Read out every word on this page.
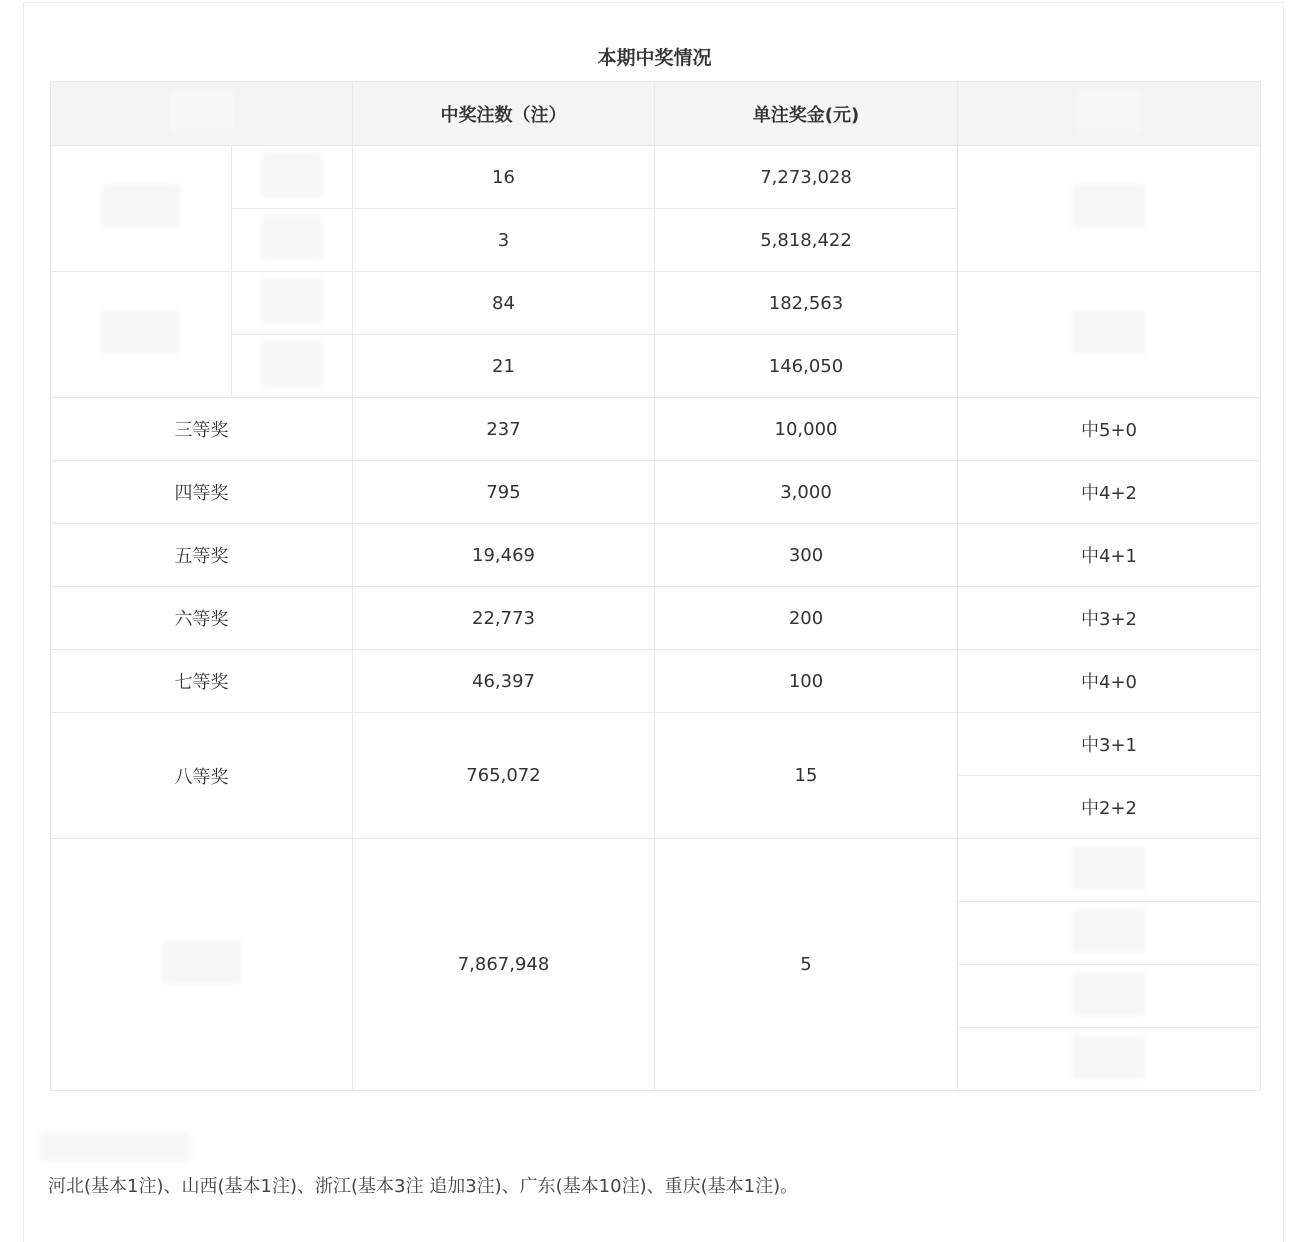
本期中奖情况
		中奖注数（注）	单注奖金(元)	
		16	7,273,028	
		3	5,818,422	
		84	182,563	
		21	146,050	
三等奖		237	10,000	中5+0
四等奖		795	3,000	中4+2
五等奖		19,469	300	中4+1
六等奖		22,773	200	中3+2
七等奖		46,397	100	中4+0
八等奖		765,072	15	中3+1
				中2+2
		7,867,948	5	

河北(基本1注)、山西(基本1注)、浙江(基本3注 追加3注)、广东(基本10注)、重庆(基本1注)。
